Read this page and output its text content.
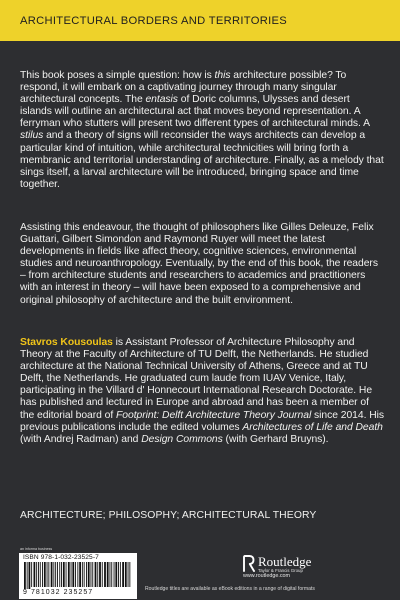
ARCHITECTURAL BORDERS AND TERRITORIES

This book poses a simple question: how is this architecture possible? To respond, it will embark on a captivating journey through many singular architectural concepts. The entasis of Doric columns, Ulysses and desert islands will outline an architectural act that moves beyond representation. A ferryman who stutters will present two different types of architectural minds. A stilus and a theory of signs will reconsider the ways architects can develop a particular kind of intuition, while architectural technicities will bring forth a membranic and territorial understanding of architecture. Finally, as a melody that sings itself, a larval architecture will be introduced, bringing space and time together.

Assisting this endeavour, the thought of philosophers like Gilles Deleuze, Felix Guattari, Gilbert Simondon and Raymond Ruyer will meet the latest developments in fields like affect theory, cognitive sciences, environmental studies and neuroanthropology. Eventually, by the end of this book, the readers – from architecture students and researchers to academics and practitioners with an interest in theory – will have been exposed to a comprehensive and original philosophy of architecture and the built environment.

Stavros Kousoulas is Assistant Professor of Architecture Philosophy and Theory at the Faculty of Architecture of TU Delft, the Netherlands. He studied architecture at the National Technical University of Athens, Greece and at TU Delft, the Netherlands. He graduated cum laude from IUAV Venice, Italy, participating in the Villard d' Honnecourt International Research Doctorate. He has published and lectured in Europe and abroad and has been a member of the editorial board of Footprint: Delft Architecture Theory Journal since 2014. His previous publications include the edited volumes Architectures of Life and Death (with Andrej Radman) and Design Commons (with Gerhard Bruyns).

ARCHITECTURE; PHILOSOPHY; ARCHITECTURAL THEORY
an informa business
ISBN 978-1-032-23525-7
9 781032 235257
Routledge
Taylor & Francis Group
www.routledge.com
Routledge titles are available as eBook editions in a range of digital formats
